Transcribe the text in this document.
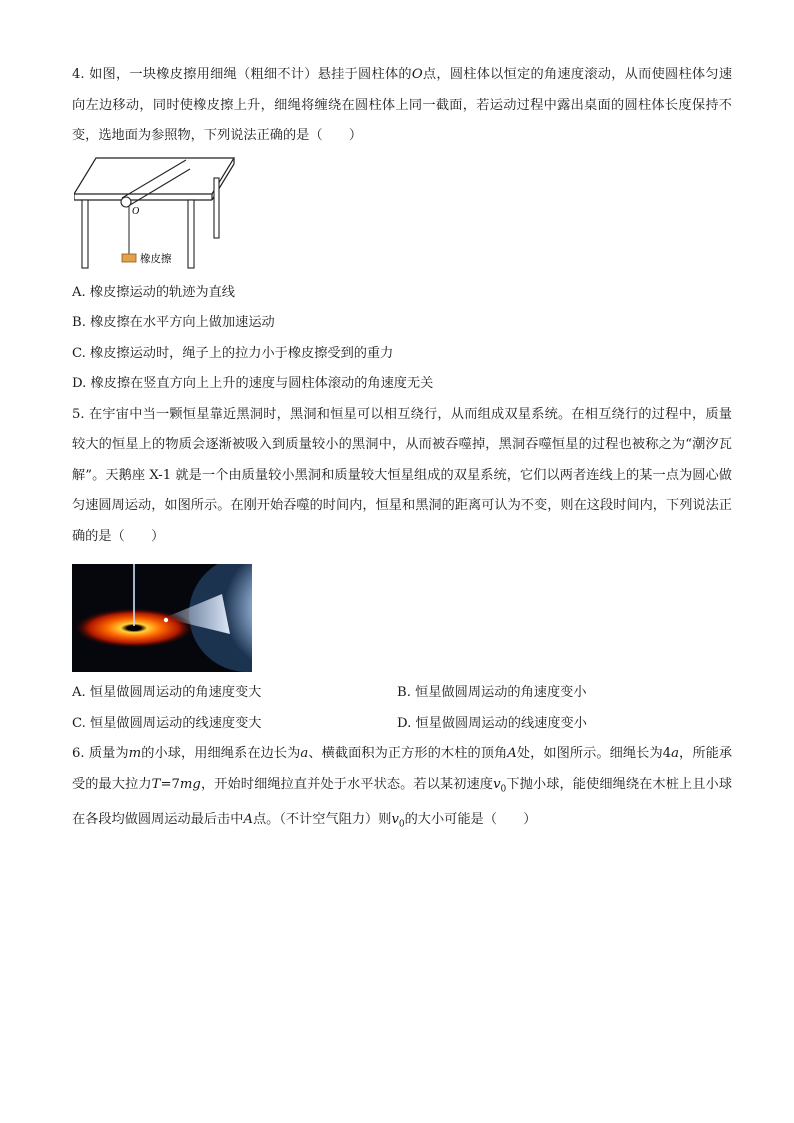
4. 如图，一块橡皮擦用细绳（粗细不计）悬挂于圆柱体的O点，圆柱体以恒定的角速度滚动，从而使圆柱体匀速向左边移动，同时使橡皮擦上升，细绳将缠绕在圆柱体上同一截面，若运动过程中露出桌面的圆柱体长度保持不变，选地面为参照物，下列说法正确的是（　　）

O
橡皮擦

A. 橡皮擦运动的轨迹为直线

B. 橡皮擦在水平方向上做加速运动

C. 橡皮擦运动时，绳子上的拉力小于橡皮擦受到的重力

D. 橡皮擦在竖直方向上上升的速度与圆柱体滚动的角速度无关

5. 在宇宙中当一颗恒星靠近黑洞时，黑洞和恒星可以相互绕行，从而组成双星系统。在相互绕行的过程中，质量较大的恒星上的物质会逐渐被吸入到质量较小的黑洞中，从而被吞噬掉，黑洞吞噬恒星的过程也被称之为“潮汐瓦解”。天鹅座 X-1 就是一个由质量较小黑洞和质量较大恒星组成的双星系统，它们以两者连线上的某一点为圆心做匀速圆周运动，如图所示。在刚开始吞噬的时间内，恒星和黑洞的距离可认为不变，则在这段时间内，下列说法正确的是（　　）

A. 恒星做圆周运动的角速度变大	B. 恒星做圆周运动的角速度变小

C. 恒星做圆周运动的线速度变大	D. 恒星做圆周运动的线速度变小

6. 质量为m的小球，用细绳系在边长为a、横截面积为正方形的木柱的顶角A处，如图所示。细绳长为4a，所能承受的最大拉力T=7mg，开始时细绳拉直并处于水平状态。若以某初速度$v_0$下抛小球，能使细绳绕在木桩上且小球在各段均做圆周运动最后击中A点。（不计空气阻力）则$v_0$的大小可能是（　　）
